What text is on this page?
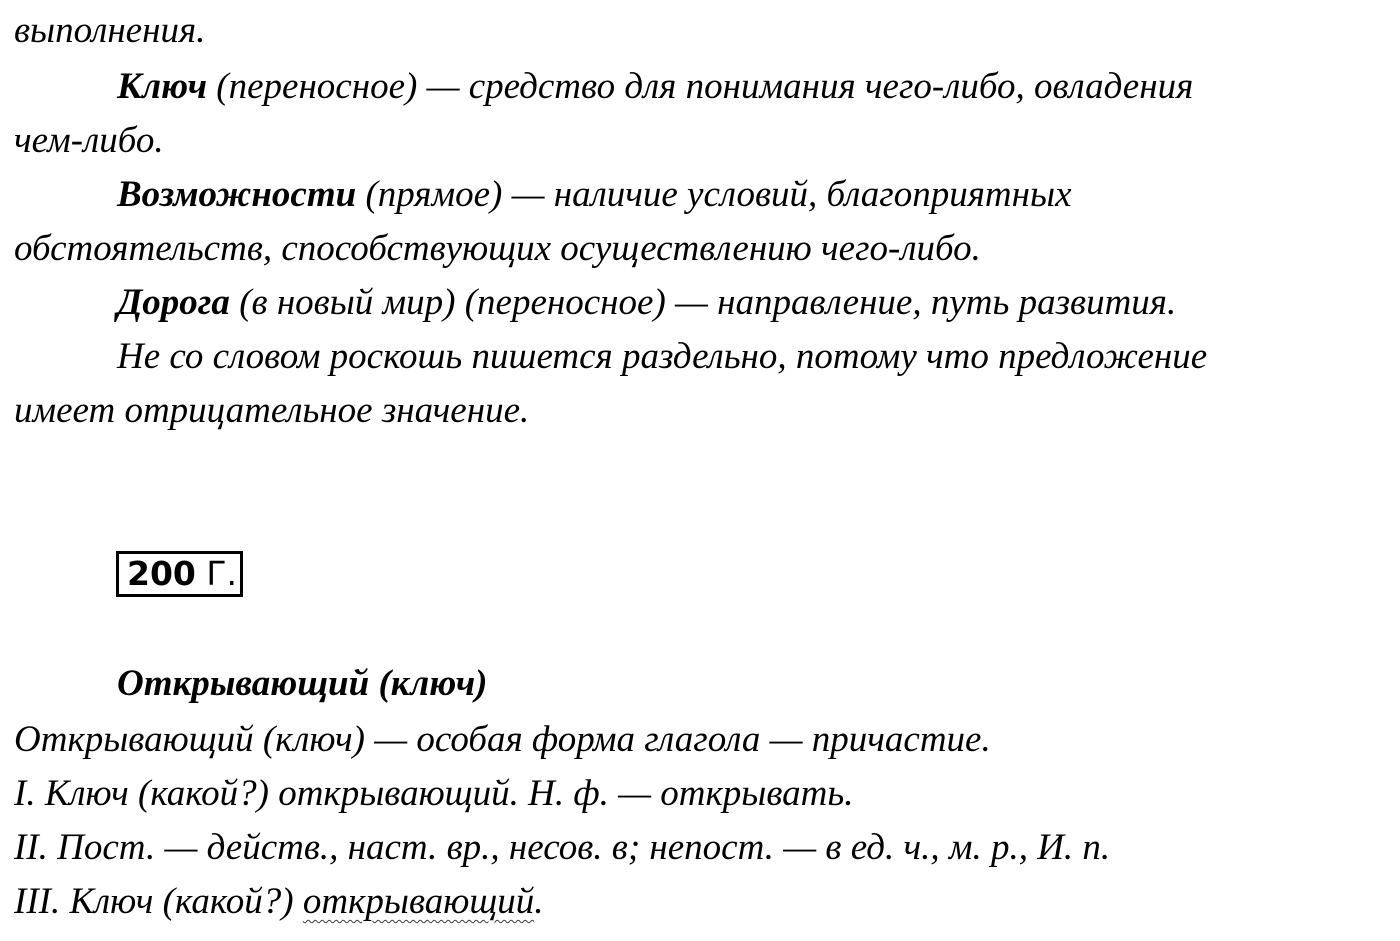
выполнения.
Ключ (переносное) — средство для понимания чего-либо, овладения
чем-либо.
Возможности (прямое) — наличие условий, благоприятных
обстоятельств, способствующих осуществлению чего-либо.
Дорога (в новый мир) (переносное) — направление, путь развития.
Не со словом роскошь пишется раздельно, потому что предложение
имеет отрицательное значение.
200 Г.
Открывающий (ключ)
Открывающий (ключ) — особая форма глагола — причастие.
I. Ключ (какой?) открывающий. Н. ф. — открывать.
II. Пост. — действ., наст. вр., несов. в; непост. — в ед. ч., м. р., И. п.
III. Ключ (какой?) открывающий.
